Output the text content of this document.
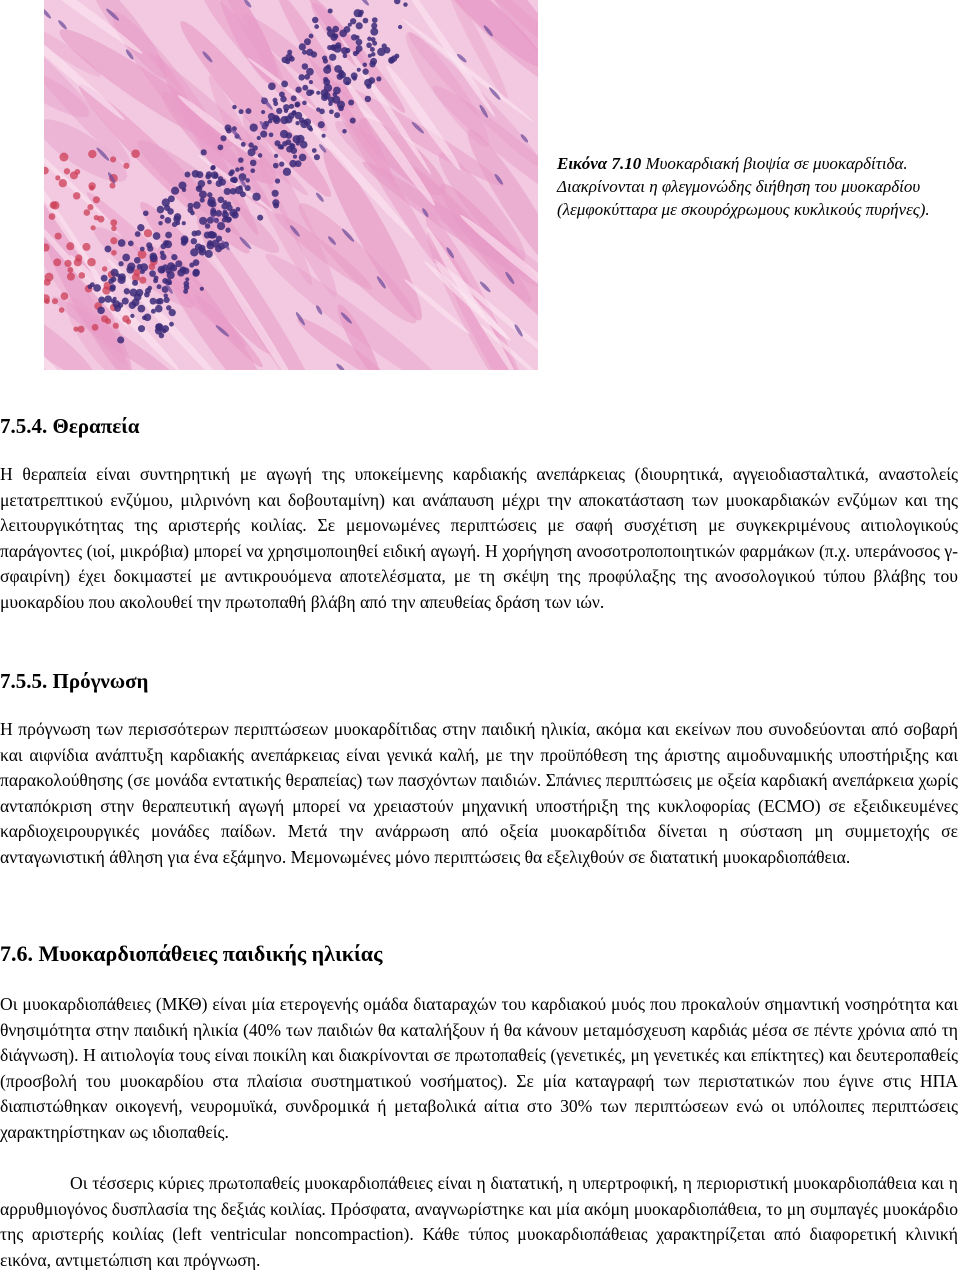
Εικόνα 7.10 Μυοκαρδιακή βιοψία σε μυοκαρδίτιδα. Διακρίνονται η φλεγμονώδης διήθηση του μυοκαρδίου (λεμφοκύτταρα με σκουρόχρωμους κυκλικούς πυρήνες).
7.5.4. Θεραπεία

Η θεραπεία είναι συντηρητική με αγωγή της υποκείμενης καρδιακής ανεπάρκειας (διουρητικά, αγγειοδιασταλτικά, αναστολείς μετατρεπτικού ενζύμου, μιλρινόνη και δοβουταμίνη) και ανάπαυση μέχρι την αποκατάσταση των μυοκαρδιακών ενζύμων και της λειτουργικότητας της αριστερής κοιλίας. Σε μεμονωμένες περιπτώσεις με σαφή συσχέτιση με συγκεκριμένους αιτιολογικούς παράγοντες (ιοί, μικρόβια) μπορεί να χρησιμοποιηθεί ειδική αγωγή. Η χορήγηση ανοσοτροποποιητικών φαρμάκων (π.χ. υπεράνοσος γ-σφαιρίνη) έχει δοκιμαστεί με αντικρουόμενα αποτελέσματα, με τη σκέψη της προφύλαξης της ανοσολογικού τύπου βλάβης του μυοκαρδίου που ακολουθεί την πρωτοπαθή βλάβη από την απευθείας δράση των ιών.

7.5.5. Πρόγνωση

Η πρόγνωση των περισσότερων περιπτώσεων μυοκαρδίτιδας στην παιδική ηλικία, ακόμα και εκείνων που συνοδεύονται από σοβαρή και αιφνίδια ανάπτυξη καρδιακής ανεπάρκειας είναι γενικά καλή, με την προϋπόθεση της άριστης αιμοδυναμικής υποστήριξης και παρακολούθησης (σε μονάδα εντατικής θεραπείας) των πασχόντων παιδιών. Σπάνιες περιπτώσεις με οξεία καρδιακή ανεπάρκεια χωρίς ανταπόκριση στην θεραπευτική αγωγή μπορεί να χρειαστούν μηχανική υποστήριξη της κυκλοφορίας (ECMO) σε εξειδικευμένες καρδιοχειρουργικές μονάδες παίδων. Μετά την ανάρρωση από οξεία μυοκαρδίτιδα δίνεται η σύσταση μη συμμετοχής σε ανταγωνιστική άθληση για ένα εξάμηνο. Μεμονωμένες μόνο περιπτώσεις θα εξελιχθούν σε διατατική μυοκαρδιοπάθεια.

7.6. Μυοκαρδιοπάθειες παιδικής ηλικίας

Οι μυοκαρδιοπάθειες (ΜΚΘ) είναι μία ετερογενής ομάδα διαταραχών του καρδιακού μυός που προκαλούν σημαντική νοσηρότητα και θνησιμότητα στην παιδική ηλικία (40% των παιδιών θα καταλήξουν ή θα κάνουν μεταμόσχευση καρδιάς μέσα σε πέντε χρόνια από τη διάγνωση). Η αιτιολογία τους είναι ποικίλη και διακρίνονται σε πρωτοπαθείς (γενετικές, μη γενετικές και επίκτητες) και δευτεροπαθείς (προσβολή του μυοκαρδίου στα πλαίσια συστηματικού νοσήματος). Σε μία καταγραφή των περιστατικών που έγινε στις ΗΠΑ διαπιστώθηκαν οικογενή, νευρομυϊκά, συνδρομικά ή μεταβολικά αίτια στο 30% των περιπτώσεων ενώ οι υπόλοιπες περιπτώσεις χαρακτηρίστηκαν ως ιδιοπαθείς.

Οι τέσσερις κύριες πρωτοπαθείς μυοκαρδιοπάθειες είναι η διατατική, η υπερτροφική, η περιοριστική μυοκαρδιοπάθεια και η αρρυθμιογόνος δυσπλασία της δεξιάς κοιλίας. Πρόσφατα, αναγνωρίστηκε και μία ακόμη μυοκαρδιοπάθεια, το μη συμπαγές μυοκάρδιο της αριστερής κοιλίας (left ventricular noncompaction). Κάθε τύπος μυοκαρδιοπάθειας χαρακτηρίζεται από διαφορετική κλινική εικόνα, αντιμετώπιση και πρόγνωση.
